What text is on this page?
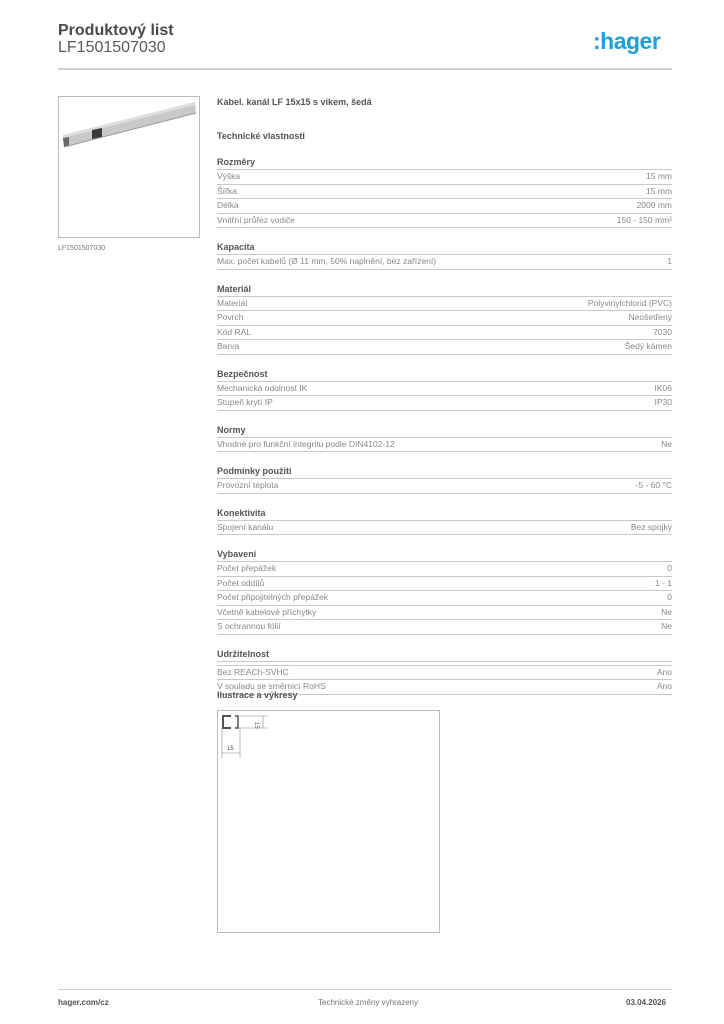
Produktový list
LF1501507030	:hager
LF1501507030
Kabel. kanál LF 15x15 s víkem, šedá
Technické vlastnosti
Rozměry
Výška	15 mm
Šířka	15 mm
Délka	2000 mm
Vnitřní průřez vodiče	150 - 150 mm²
Kapacita
Max. počet kabelů (Ø 11 mm, 50% naplnění, bez zařízení)	1
Materiál
Materiál	Polyvinylchlorid (PVC)
Povrch	Neošetřený
Kód RAL	7030
Barva	Šedý kámen
Bezpečnost
Mechanická odolnost IK	IK06
Stupeň krytí IP	IP30
Normy
Vhodné pro funkční integritu podle DIN4102-12	Ne
Podmínky použití
Provozní teplota	-5 - 60 °C
Konektivita
Spojení kanálu	Bez spojky
Vybavení
Počet přepážek	0
Počet oddílů	1 - 1
Počet připojitelných přepážek	0
Včetně kabelové příchytky	Ne
S ochrannou fólií	Ne
Udržitelnost
Bez REACh-SVHC	Ano
V souladu se směrnicí RoHS	Ano
Ilustrace a výkresy
15
15
hager.com/cz	Technické změny vyhrazeny	03.04.2026
